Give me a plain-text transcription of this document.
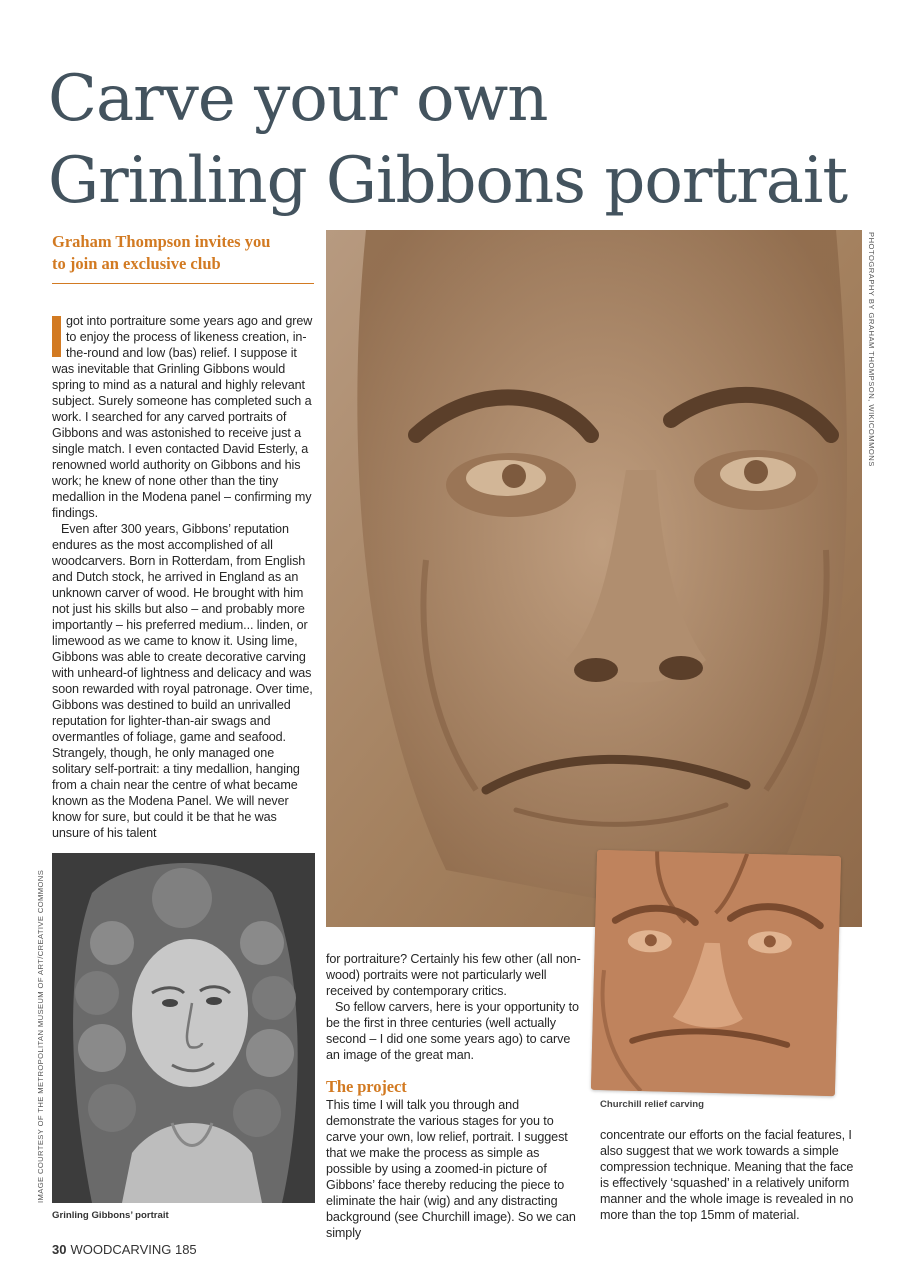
Carve your own
Grinling Gibbons portrait
Graham Thompson invites you
to join an exclusive club

got into portraiture some years ago and grew to enjoy the process of likeness creation, in-the-round and low (bas) relief. I suppose it was inevitable that Grinling Gibbons would spring to mind as a natural and highly relevant subject. Surely someone has completed such a work. I searched for any carved portraits of Gibbons and was astonished to receive just a single match. I even contacted David Esterly, a renowned world authority on Gibbons and his work; he knew of none other than the tiny medallion in the Modena panel – confirming my findings.

Even after 300 years, Gibbons’ reputation endures as the most accomplished of all woodcarvers. Born in Rotterdam, from English and Dutch stock, he arrived in England as an unknown carver of wood. He brought with him not just his skills but also – and probably more importantly – his preferred medium... linden, or limewood as we came to know it. Using lime, Gibbons was able to create decorative carving with unheard-of lightness and delicacy and was soon rewarded with royal patronage. Over time, Gibbons was destined to build an unrivalled reputation for lighter-than-air swags and overmantles of foliage, game and seafood. Strangely, though, he only managed one solitary self-portrait: a tiny medallion, hanging from a chain near the centre of what became known as the Modena Panel. We will never know for sure, but could it be that he was unsure of his talent

PHOTOGRAPHY BY GRAHAM THOMPSON, WIKICOMMONS
IMAGE COURTESY OF THE METROPOLITAN MUSEUM OF ART/CREATIVE COMMONS
Grinling Gibbons’ portrait

for portraiture? Certainly his few other (all non-wood) portraits were not particularly well received by contemporary critics.

So fellow carvers, here is your opportunity to be the first in three centuries (well actually second – I did one some years ago) to carve an image of the great man.

The project

This time I will talk you through and demonstrate the various stages for you to carve your own, low relief, portrait. I suggest that we make the process as simple as possible by using a zoomed-in picture of Gibbons’ face thereby reducing the piece to eliminate the hair (wig) and any distracting background (see Churchill image). So we can simply

Churchill relief carving

concentrate our efforts on the facial features, I also suggest that we work towards a simple compression technique. Meaning that the face is effectively ‘squashed’ in a relatively uniform manner and the whole image is revealed in no more than the top 15mm of material.

30 WOODCARVING 185
